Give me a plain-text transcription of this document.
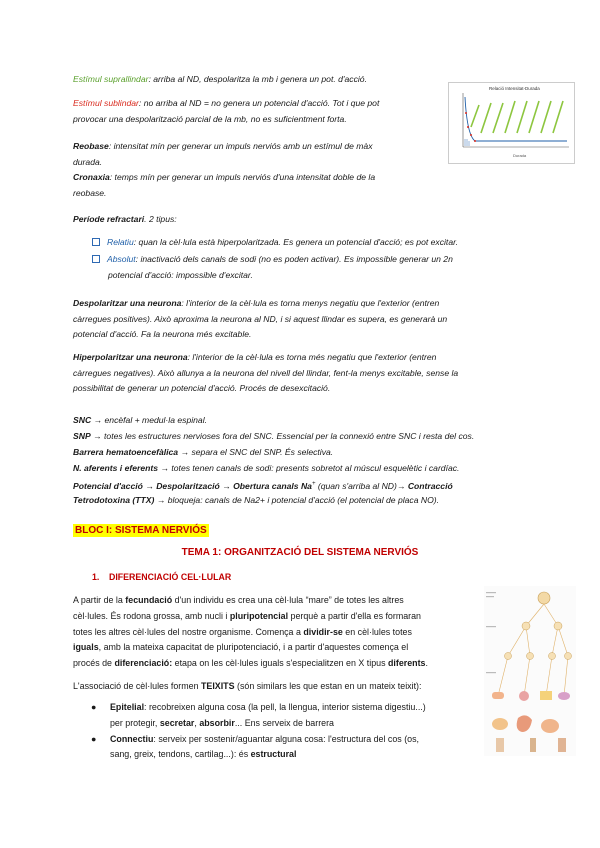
Estímul suprallindar: arriba al ND, despolaritza la mb i genera un pot. d'acció.

Estímul sublindar: no arriba al ND = no genera un potencial d'acció. Tot i que pot
provocar una despolarització parcial de la mb, no es suficientment forta.

Reobase: intensitat mín per generar un impuls nerviós amb un estímul de màx
durada.

Cronaxia: temps mín per generar un impuls nerviós d'una intensitat doble de la
reobase.

Període refractari. 2 tipus:

Relatiu: quan la cèl·lula està hiperpolaritzada. Es genera un potencial d'acció; es pot excitar.

Absolut: inactivació dels canals de sodi (no es poden activar). Es impossible generar un 2n
potencial d'acció: impossible d'excitar.

Despolaritzar una neurona: l'interior de la cèl·lula es torna menys negatiu que l'exterior (entren
càrregues positives). Això aproxima la neurona al ND, i si aquest llindar es supera, es generarà un
potencial d'acció. Fa la neurona més excitable.

Hiperpolaritzar una neurona: l'interior de la cèl·lula es torna més negatiu que l'exterior (entren
càrregues negatives). Això allunya a la neurona del nivell del llindar, fent-la menys excitable, sense la
possibilitat de generar un potencial d'acció. Procés de desexcitació.

SNC → encèfal + medul·la espinal.

SNP → totes les estructures nervioses fora del SNC. Essencial per la connexió entre SNC i resta del cos.

Barrera hematoencefàlica → separa el SNC del SNP. És selectiva.

N. aferents i eferents → totes tenen canals de sodi: presents sobretot al múscul esquelètic i cardíac.

Potencial d'acció → Despolarització → Obertura canals Na+ (quan s'arriba al ND)→ Contracció

Tetrodotoxina (TTX) → bloqueja: canals de Na2+ i potencial d'acció (el potencial de placa NO).

Relació Intensitat-Durada
Durada
BLOC I: SISTEMA NERVIÓS
TEMA 1: ORGANITZACIÓ DEL SISTEMA NERVIÓS
1. DIFERENCIACIÓ CEL·LULAR

A partir de la fecundació d'un individu es crea una cèl·lula “mare” de totes les altres
cèl·lules. És rodona grossa, amb nucli i pluripotencial perquè a partir d'ella es formaran
totes les altres cèl·lules del nostre organisme. Comença a dividir-se en cèl·lules totes
iguals, amb la mateixa capacitat de pluripotenciació, i a partir d'aquestes comença el
procés de diferenciació: etapa on les cèl·lules iguals s'especialitzen en X tipus diferents.

L'associació de cèl·lules formen TEIXITS (són similars les que estan en un mateix teixit):

● Epitelial: recobreixen alguna cosa (la pell, la llengua, interior sistema digestiu...)
per protegir, secretar, absorbir... Ens serveix de barrera
● Connectiu: serveix per sostenir/aguantar alguna cosa: l'estructura del cos (os,
sang, greix, tendons, cartilag...): és estructural
